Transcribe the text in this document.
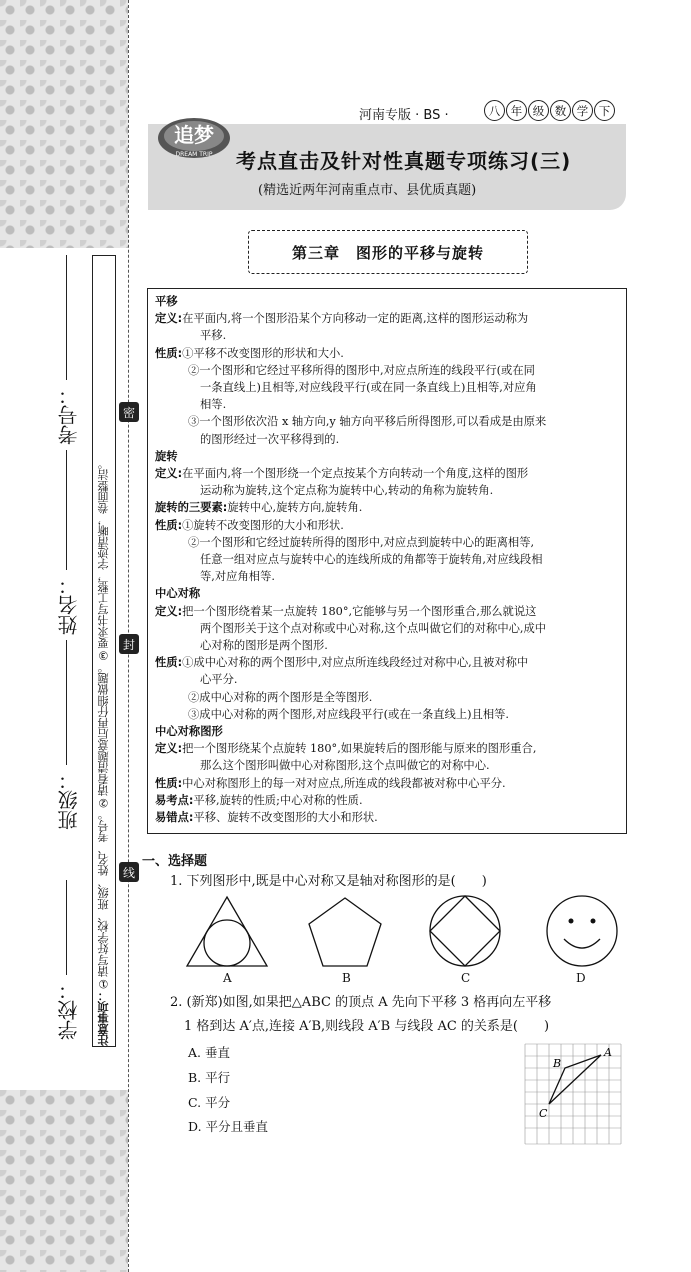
学校：
班级：
姓名：
考号：
注意事项：①请写好学校、班级、姓名、考号。②请看清题意后再仔细做题。③要求书写工整，字迹清晰，卷面整洁。
密
封
线
河南专版 · BS ·	八 年 级 数 学 下
追梦
DREAM TRIP 考点直击及针对性真题专项练习(三)
(精选近两年河南重点市、县优质真题)
第三章　图形的平移与旋转
平移
定义:在平面内,将一个图形沿某个方向移动一定的距离,这样的图形运动称为
平移.
性质:①平移不改变图形的形状和大小.
②一个图形和它经过平移所得的图形中,对应点所连的线段平行(或在同
一条直线上)且相等,对应线段平行(或在同一条直线上)且相等,对应角
相等.
③一个图形依次沿 x 轴方向,y 轴方向平移后所得图形,可以看成是由原来
的图形经过一次平移得到的.
旋转
定义:在平面内,将一个图形绕一个定点按某个方向转动一个角度,这样的图形
运动称为旋转,这个定点称为旋转中心,转动的角称为旋转角.
旋转的三要素:旋转中心,旋转方向,旋转角.
性质:①旋转不改变图形的大小和形状.
②一个图形和它经过旋转所得的图形中,对应点到旋转中心的距离相等,
任意一组对应点与旋转中心的连线所成的角都等于旋转角,对应线段相
等,对应角相等.
中心对称
定义:把一个图形绕着某一点旋转 180°,它能够与另一个图形重合,那么就说这
两个图形关于这个点对称或中心对称,这个点叫做它们的对称中心,成中
心对称的图形是两个图形.
性质:①成中心对称的两个图形中,对应点所连线段经过对称中心,且被对称中
心平分.
②成中心对称的两个图形是全等图形.
③成中心对称的两个图形,对应线段平行(或在一条直线上)且相等.
中心对称图形
定义:把一个图形绕某个点旋转 180°,如果旋转后的图形能与原来的图形重合,
那么这个图形叫做中心对称图形,这个点叫做它的对称中心.
性质:中心对称图形上的每一对对应点,所连成的线段都被对称中心平分.
易考点:平移,旋转的性质;中心对称的性质.
易错点:平移、旋转不改变图形的大小和形状.
一、选择题
1. 下列图形中,既是中心对称又是轴对称图形的是(　　)
A	B	C	D
2. (新郑)如图,如果把△ABC 的顶点 A 先向下平移 3 格再向左平移
1 格到达 A′点,连接 A′B,则线段 A′B 与线段 AC 的关系是(　　)
A. 垂直
B. 平行
C. 平分
D. 平分且垂直
A
B
C
